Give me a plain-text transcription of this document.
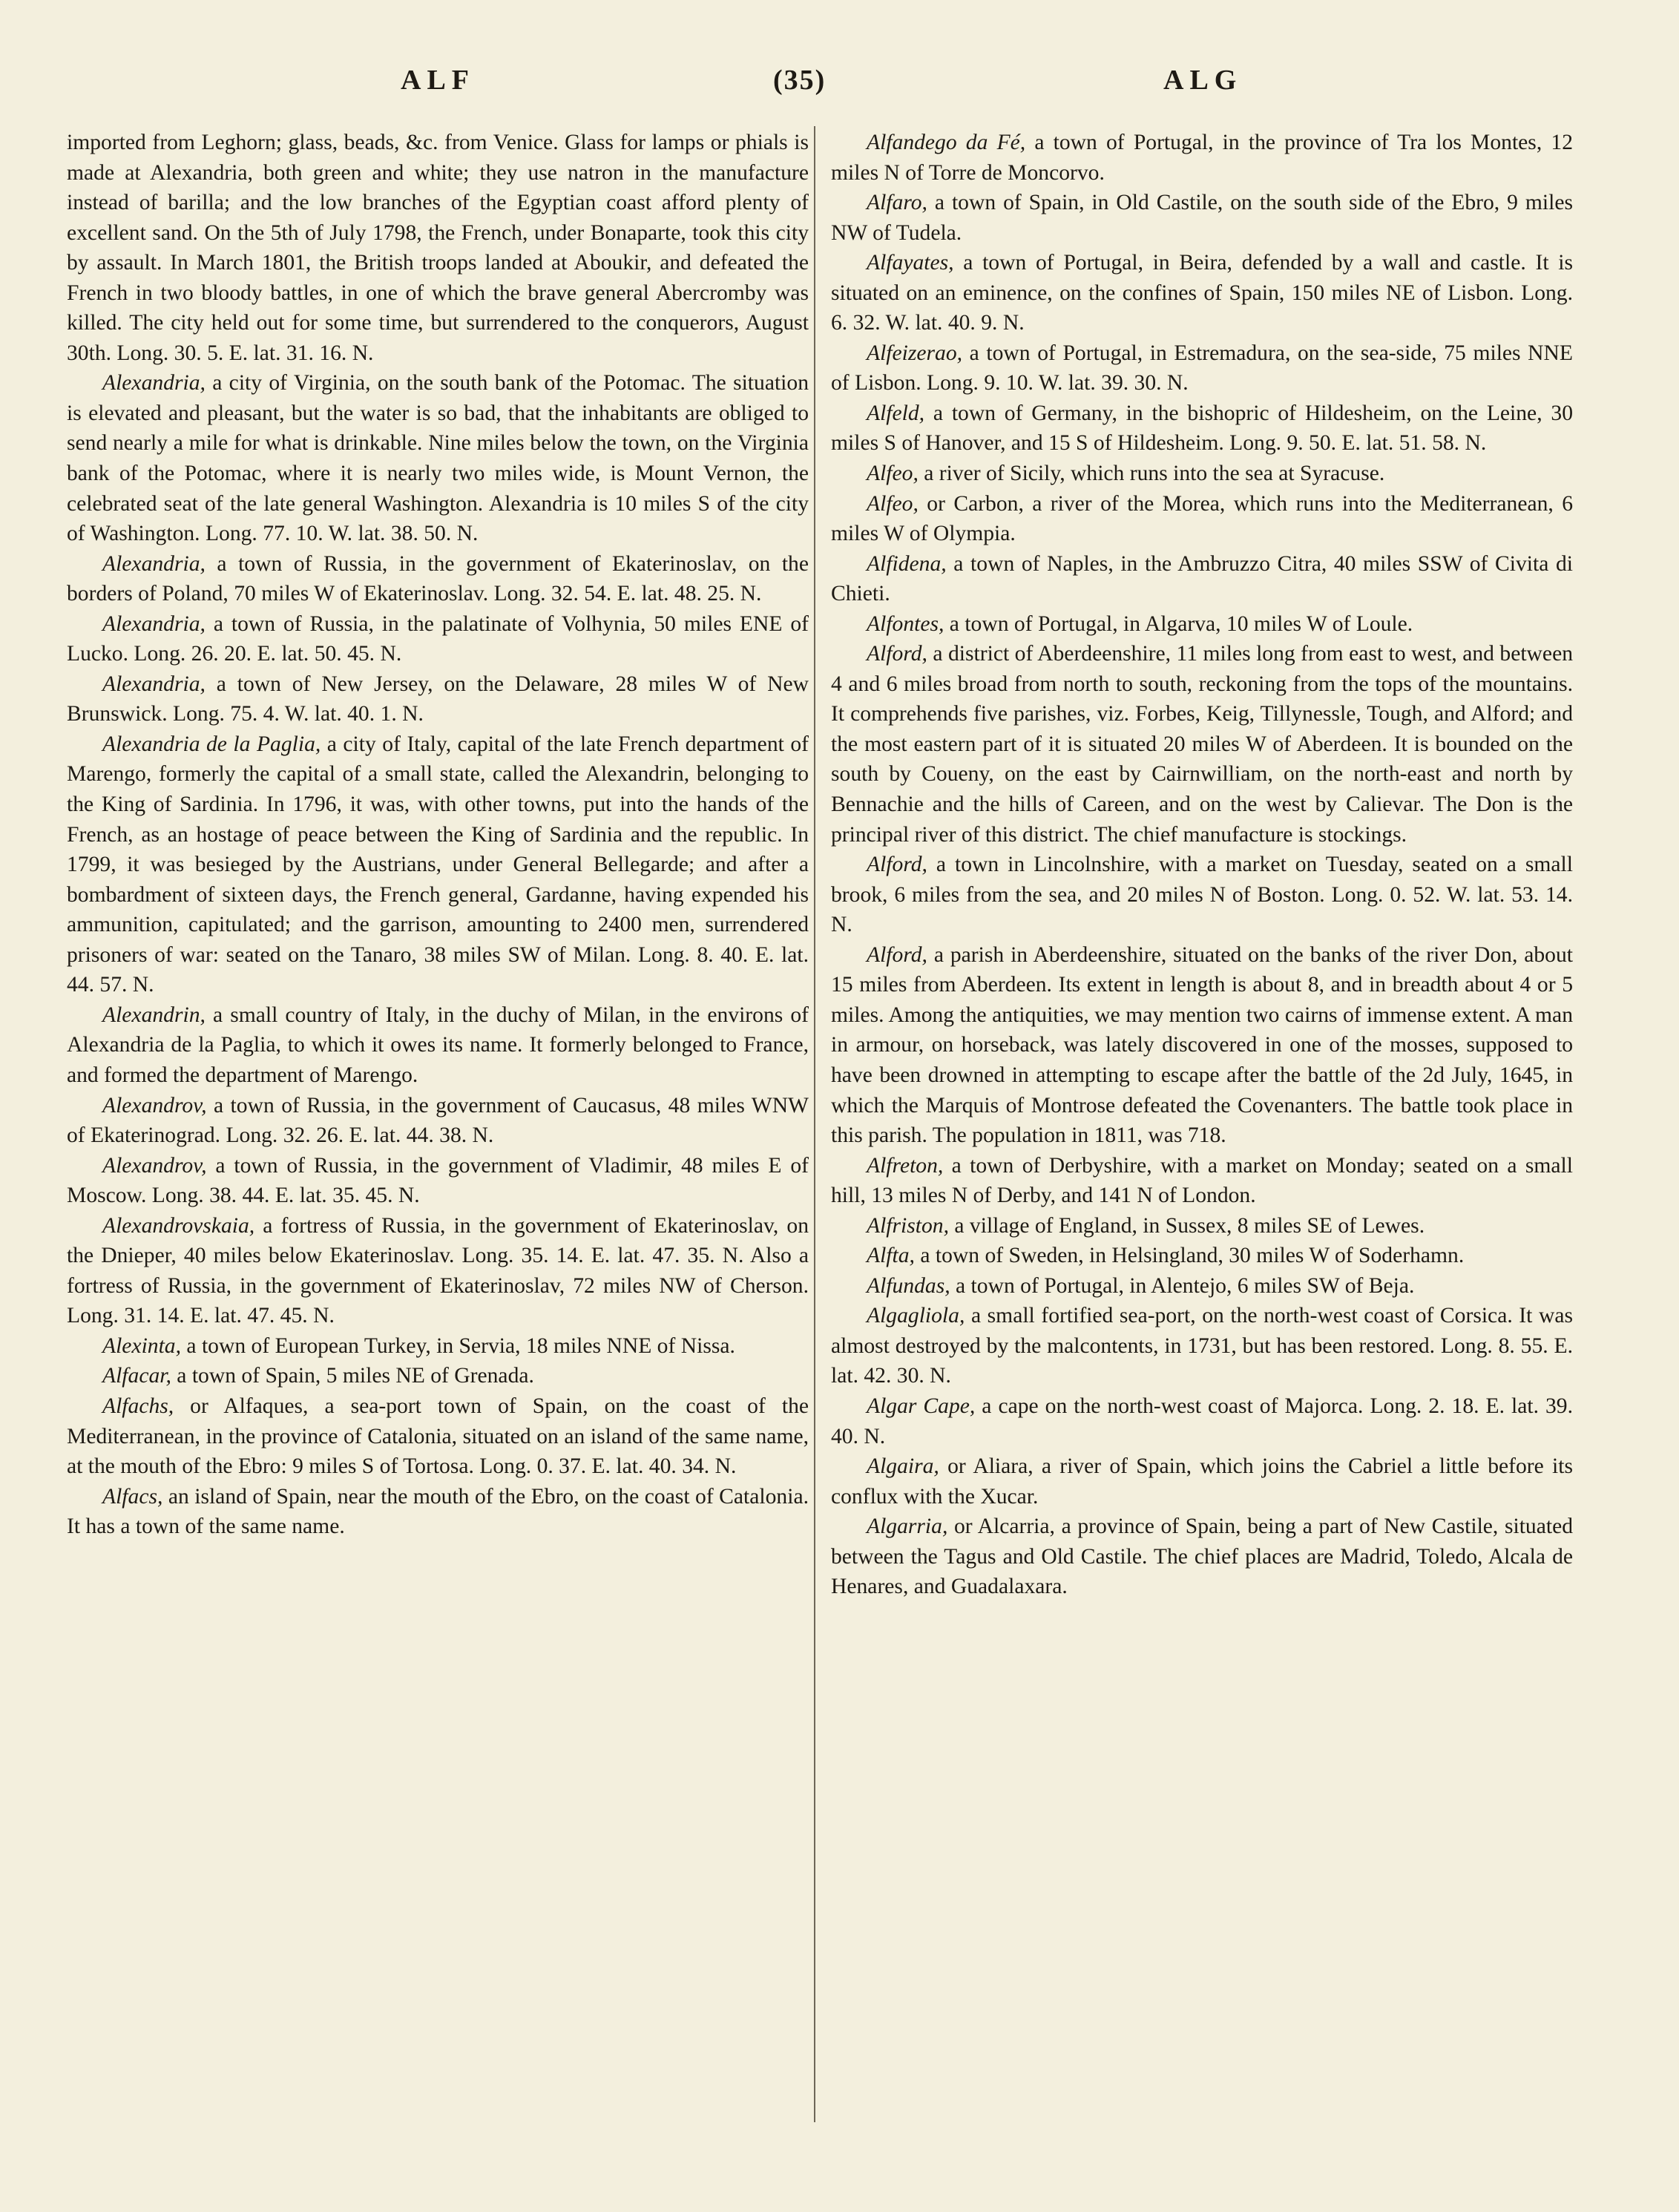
ALF	(35)	ALG

imported from Leghorn; glass, beads, &c. from Venice. Glass for lamps or phials is made at Alexandria, both green and white; they use natron in the manufacture instead of barilla; and the low branches of the Egyptian coast afford plenty of excellent sand. On the 5th of July 1798, the French, under Bonaparte, took this city by assault. In March 1801, the British troops landed at Aboukir, and defeated the French in two bloody battles, in one of which the brave general Abercromby was killed. The city held out for some time, but surrendered to the conquerors, August 30th. Long. 30. 5. E. lat. 31. 16. N.

Alexandria, a city of Virginia, on the south bank of the Potomac. The situation is elevated and pleasant, but the water is so bad, that the inhabitants are obliged to send nearly a mile for what is drinkable. Nine miles below the town, on the Virginia bank of the Potomac, where it is nearly two miles wide, is Mount Vernon, the celebrated seat of the late general Washington. Alexandria is 10 miles S of the city of Washington. Long. 77. 10. W. lat. 38. 50. N.

Alexandria, a town of Russia, in the government of Ekaterinoslav, on the borders of Poland, 70 miles W of Ekaterinoslav. Long. 32. 54. E. lat. 48. 25. N.

Alexandria, a town of Russia, in the palatinate of Volhynia, 50 miles ENE of Lucko. Long. 26. 20. E. lat. 50. 45. N.

Alexandria, a town of New Jersey, on the Delaware, 28 miles W of New Brunswick. Long. 75. 4. W. lat. 40. 1. N.

Alexandria de la Paglia, a city of Italy, capital of the late French department of Marengo, formerly the capital of a small state, called the Alexandrin, belonging to the King of Sardinia. In 1796, it was, with other towns, put into the hands of the French, as an hostage of peace between the King of Sardinia and the republic. In 1799, it was besieged by the Austrians, under General Bellegarde; and after a bombardment of sixteen days, the French general, Gardanne, having expended his ammunition, capitulated; and the garrison, amounting to 2400 men, surrendered prisoners of war: seated on the Tanaro, 38 miles SW of Milan. Long. 8. 40. E. lat. 44. 57. N.

Alexandrin, a small country of Italy, in the duchy of Milan, in the environs of Alexandria de la Paglia, to which it owes its name. It formerly belonged to France, and formed the department of Marengo.

Alexandrov, a town of Russia, in the government of Caucasus, 48 miles WNW of Ekaterinograd. Long. 32. 26. E. lat. 44. 38. N.

Alexandrov, a town of Russia, in the government of Vladimir, 48 miles E of Moscow. Long. 38. 44. E. lat. 35. 45. N.

Alexandrovskaia, a fortress of Russia, in the government of Ekaterinoslav, on the Dnieper, 40 miles below Ekaterinoslav. Long. 35. 14. E. lat. 47. 35. N. Also a fortress of Russia, in the government of Ekaterinoslav, 72 miles NW of Cherson. Long. 31. 14. E. lat. 47. 45. N.

Alexinta, a town of European Turkey, in Servia, 18 miles NNE of Nissa.

Alfacar, a town of Spain, 5 miles NE of Grenada.

Alfachs, or Alfaques, a sea-port town of Spain, on the coast of the Mediterranean, in the province of Catalonia, situated on an island of the same name, at the mouth of the Ebro: 9 miles S of Tortosa. Long. 0. 37. E. lat. 40. 34. N.

Alfacs, an island of Spain, near the mouth of the Ebro, on the coast of Catalonia. It has a town of the same name.

Alfandego da Fé, a town of Portugal, in the province of Tra los Montes, 12 miles N of Torre de Moncorvo.

Alfaro, a town of Spain, in Old Castile, on the south side of the Ebro, 9 miles NW of Tudela.

Alfayates, a town of Portugal, in Beira, defended by a wall and castle. It is situated on an eminence, on the confines of Spain, 150 miles NE of Lisbon. Long. 6. 32. W. lat. 40. 9. N.

Alfeizerao, a town of Portugal, in Estremadura, on the sea-side, 75 miles NNE of Lisbon. Long. 9. 10. W. lat. 39. 30. N.

Alfeld, a town of Germany, in the bishopric of Hildesheim, on the Leine, 30 miles S of Hanover, and 15 S of Hildesheim. Long. 9. 50. E. lat. 51. 58. N.

Alfeo, a river of Sicily, which runs into the sea at Syracuse.

Alfeo, or Carbon, a river of the Morea, which runs into the Mediterranean, 6 miles W of Olympia.

Alfidena, a town of Naples, in the Ambruzzo Citra, 40 miles SSW of Civita di Chieti.

Alfontes, a town of Portugal, in Algarva, 10 miles W of Loule.

Alford, a district of Aberdeenshire, 11 miles long from east to west, and between 4 and 6 miles broad from north to south, reckoning from the tops of the mountains. It comprehends five parishes, viz. Forbes, Keig, Tillynessle, Tough, and Alford; and the most eastern part of it is situated 20 miles W of Aberdeen. It is bounded on the south by Coueny, on the east by Cairnwilliam, on the north-east and north by Bennachie and the hills of Careen, and on the west by Calievar. The Don is the principal river of this district. The chief manufacture is stockings.

Alford, a town in Lincolnshire, with a market on Tuesday, seated on a small brook, 6 miles from the sea, and 20 miles N of Boston. Long. 0. 52. W. lat. 53. 14. N.

Alford, a parish in Aberdeenshire, situated on the banks of the river Don, about 15 miles from Aberdeen. Its extent in length is about 8, and in breadth about 4 or 5 miles. Among the antiquities, we may mention two cairns of immense extent. A man in armour, on horseback, was lately discovered in one of the mosses, supposed to have been drowned in attempting to escape after the battle of the 2d July, 1645, in which the Marquis of Montrose defeated the Covenanters. The battle took place in this parish. The population in 1811, was 718.

Alfreton, a town of Derbyshire, with a market on Monday; seated on a small hill, 13 miles N of Derby, and 141 N of London.

Alfriston, a village of England, in Sussex, 8 miles SE of Lewes.

Alfta, a town of Sweden, in Helsingland, 30 miles W of Soderhamn.

Alfundas, a town of Portugal, in Alentejo, 6 miles SW of Beja.

Algagliola, a small fortified sea-port, on the north-west coast of Corsica. It was almost destroyed by the malcontents, in 1731, but has been restored. Long. 8. 55. E. lat. 42. 30. N.

Algar Cape, a cape on the north-west coast of Majorca. Long. 2. 18. E. lat. 39. 40. N.

Algaira, or Aliara, a river of Spain, which joins the Cabriel a little before its conflux with the Xucar.

Algarria, or Alcarria, a province of Spain, being a part of New Castile, situated between the Tagus and Old Castile. The chief places are Madrid, Toledo, Alcala de Henares, and Guadalaxara.
